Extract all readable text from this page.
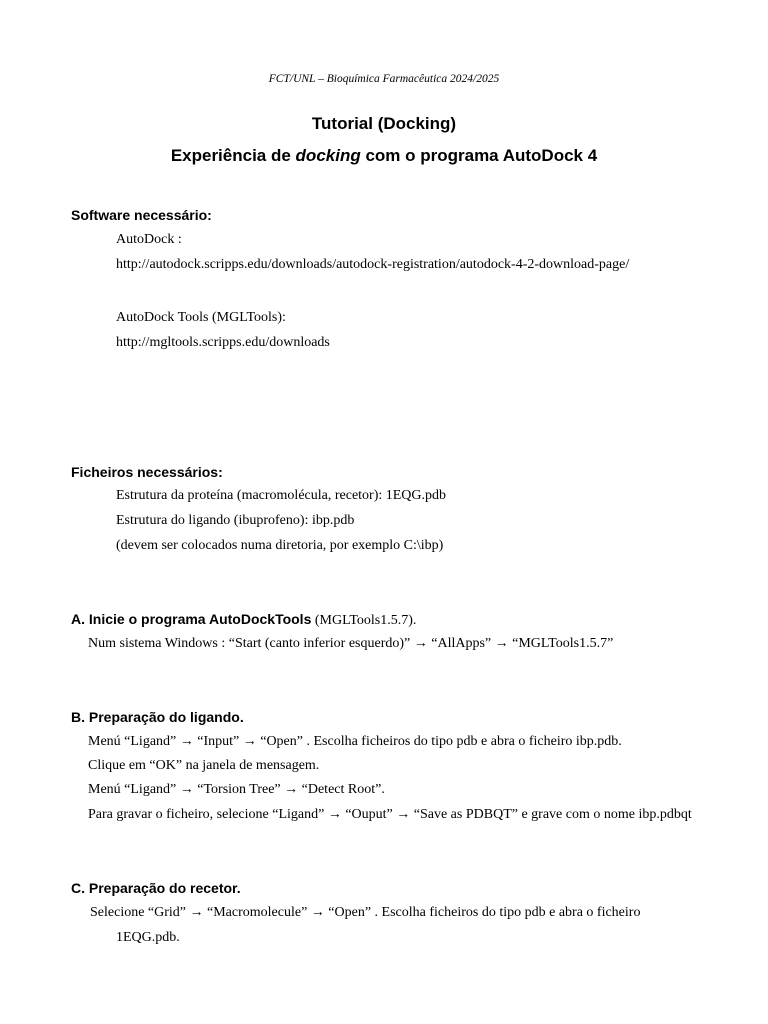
FCT/UNL – Bioquímica Farmacêutica 2024/2025
Tutorial (Docking)
Experiência de docking com o programa AutoDock 4
Software necessário:
AutoDock :
http://autodock.scripps.edu/downloads/autodock-registration/autodock-4-2-download-page/
AutoDock Tools (MGLTools):
http://mgltools.scripps.edu/downloads
Ficheiros necessários:
Estrutura da proteína (macromolécula, recetor): 1EQG.pdb
Estrutura do ligando (ibuprofeno): ibp.pdb
(devem ser colocados numa diretoria, por exemplo C:\ibp)
A. Inicie o programa AutoDockTools (MGLTools1.5.7).
Num sistema Windows : “Start (canto inferior esquerdo)” → “AllApps” → “MGLTools1.5.7”
B. Preparação do ligando.
Menú “Ligand” → “Input” → “Open” . Escolha ficheiros do tipo pdb e abra o ficheiro ibp.pdb.
Clique em “OK” na janela de mensagem.
Menú “Ligand” → “Torsion Tree” → “Detect Root”.
Para gravar o ficheiro, selecione “Ligand” → “Ouput” → “Save as PDBQT” e grave com o nome ibp.pdbqt
C. Preparação do recetor.
Selecione “Grid” → “Macromolecule” → “Open” . Escolha ficheiros do tipo pdb e abra o ficheiro
1EQG.pdb.
